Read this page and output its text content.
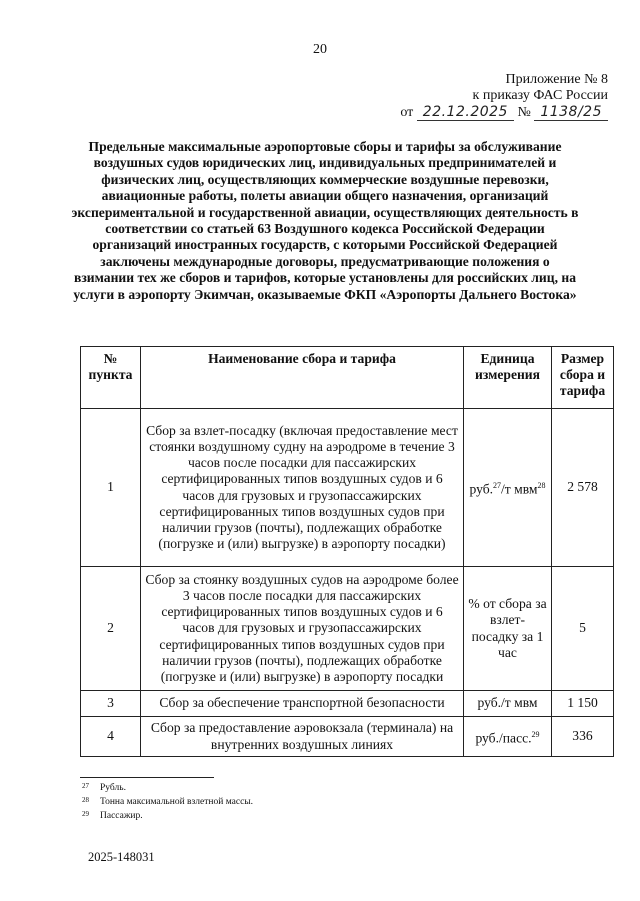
20
Приложение № 8
к приказу ФАС России
от 22.12.2025 № 1138/25
Предельные максимальные аэропортовые сборы и тарифы за обслуживание воздушных судов юридических лиц, индивидуальных предпринимателей и физических лиц, осуществляющих коммерческие воздушные перевозки, авиационные работы, полеты авиации общего назначения, организаций экспериментальной и государственной авиации, осуществляющих деятельность в соответствии со статьей 63 Воздушного кодекса Российской Федерации организаций иностранных государств, с которыми Российской Федерацией заключены международные договоры, предусматривающие положения о взимании тех же сборов и тарифов, которые установлены для российских лиц, на услуги в аэропорту Экимчан, оказываемые ФКП «Аэропорты Дальнего Востока»
№ пункта	Наименование сбора и тарифа	Единица измерения	Размер сбора и тарифа
1	Сбор за взлет-посадку (включая предоставление мест стоянки воздушному судну на аэродроме в течение 3 часов после посадки для пассажирских сертифицированных типов воздушных судов и 6 часов для грузовых и грузопассажирских сертифицированных типов воздушных судов при наличии грузов (почты), подлежащих обработке (погрузке и (или) выгрузке) в аэропорту посадки)	руб.$^{27}$/т мвм$^{28}$	2 578
2	Сбор за стоянку воздушных судов на аэродроме более 3 часов после посадки для пассажирских сертифицированных типов воздушных судов и 6 часов для грузовых и грузопассажирских сертифицированных типов воздушных судов при наличии грузов (почты), подлежащих обработке (погрузке и (или) выгрузке) в аэропорту посадки	% от сбора за взлет-посадку за 1 час	5
3	Сбор за обеспечение транспортной безопасности	руб./т мвм	1 150
4	Сбор за предоставление аэровокзала (терминала) на внутренних воздушных линиях	руб./пасс.$^{29}$	336
27	Рубль.
28	Тонна максимальной взлетной массы.
29	Пассажир.
2025-148031
